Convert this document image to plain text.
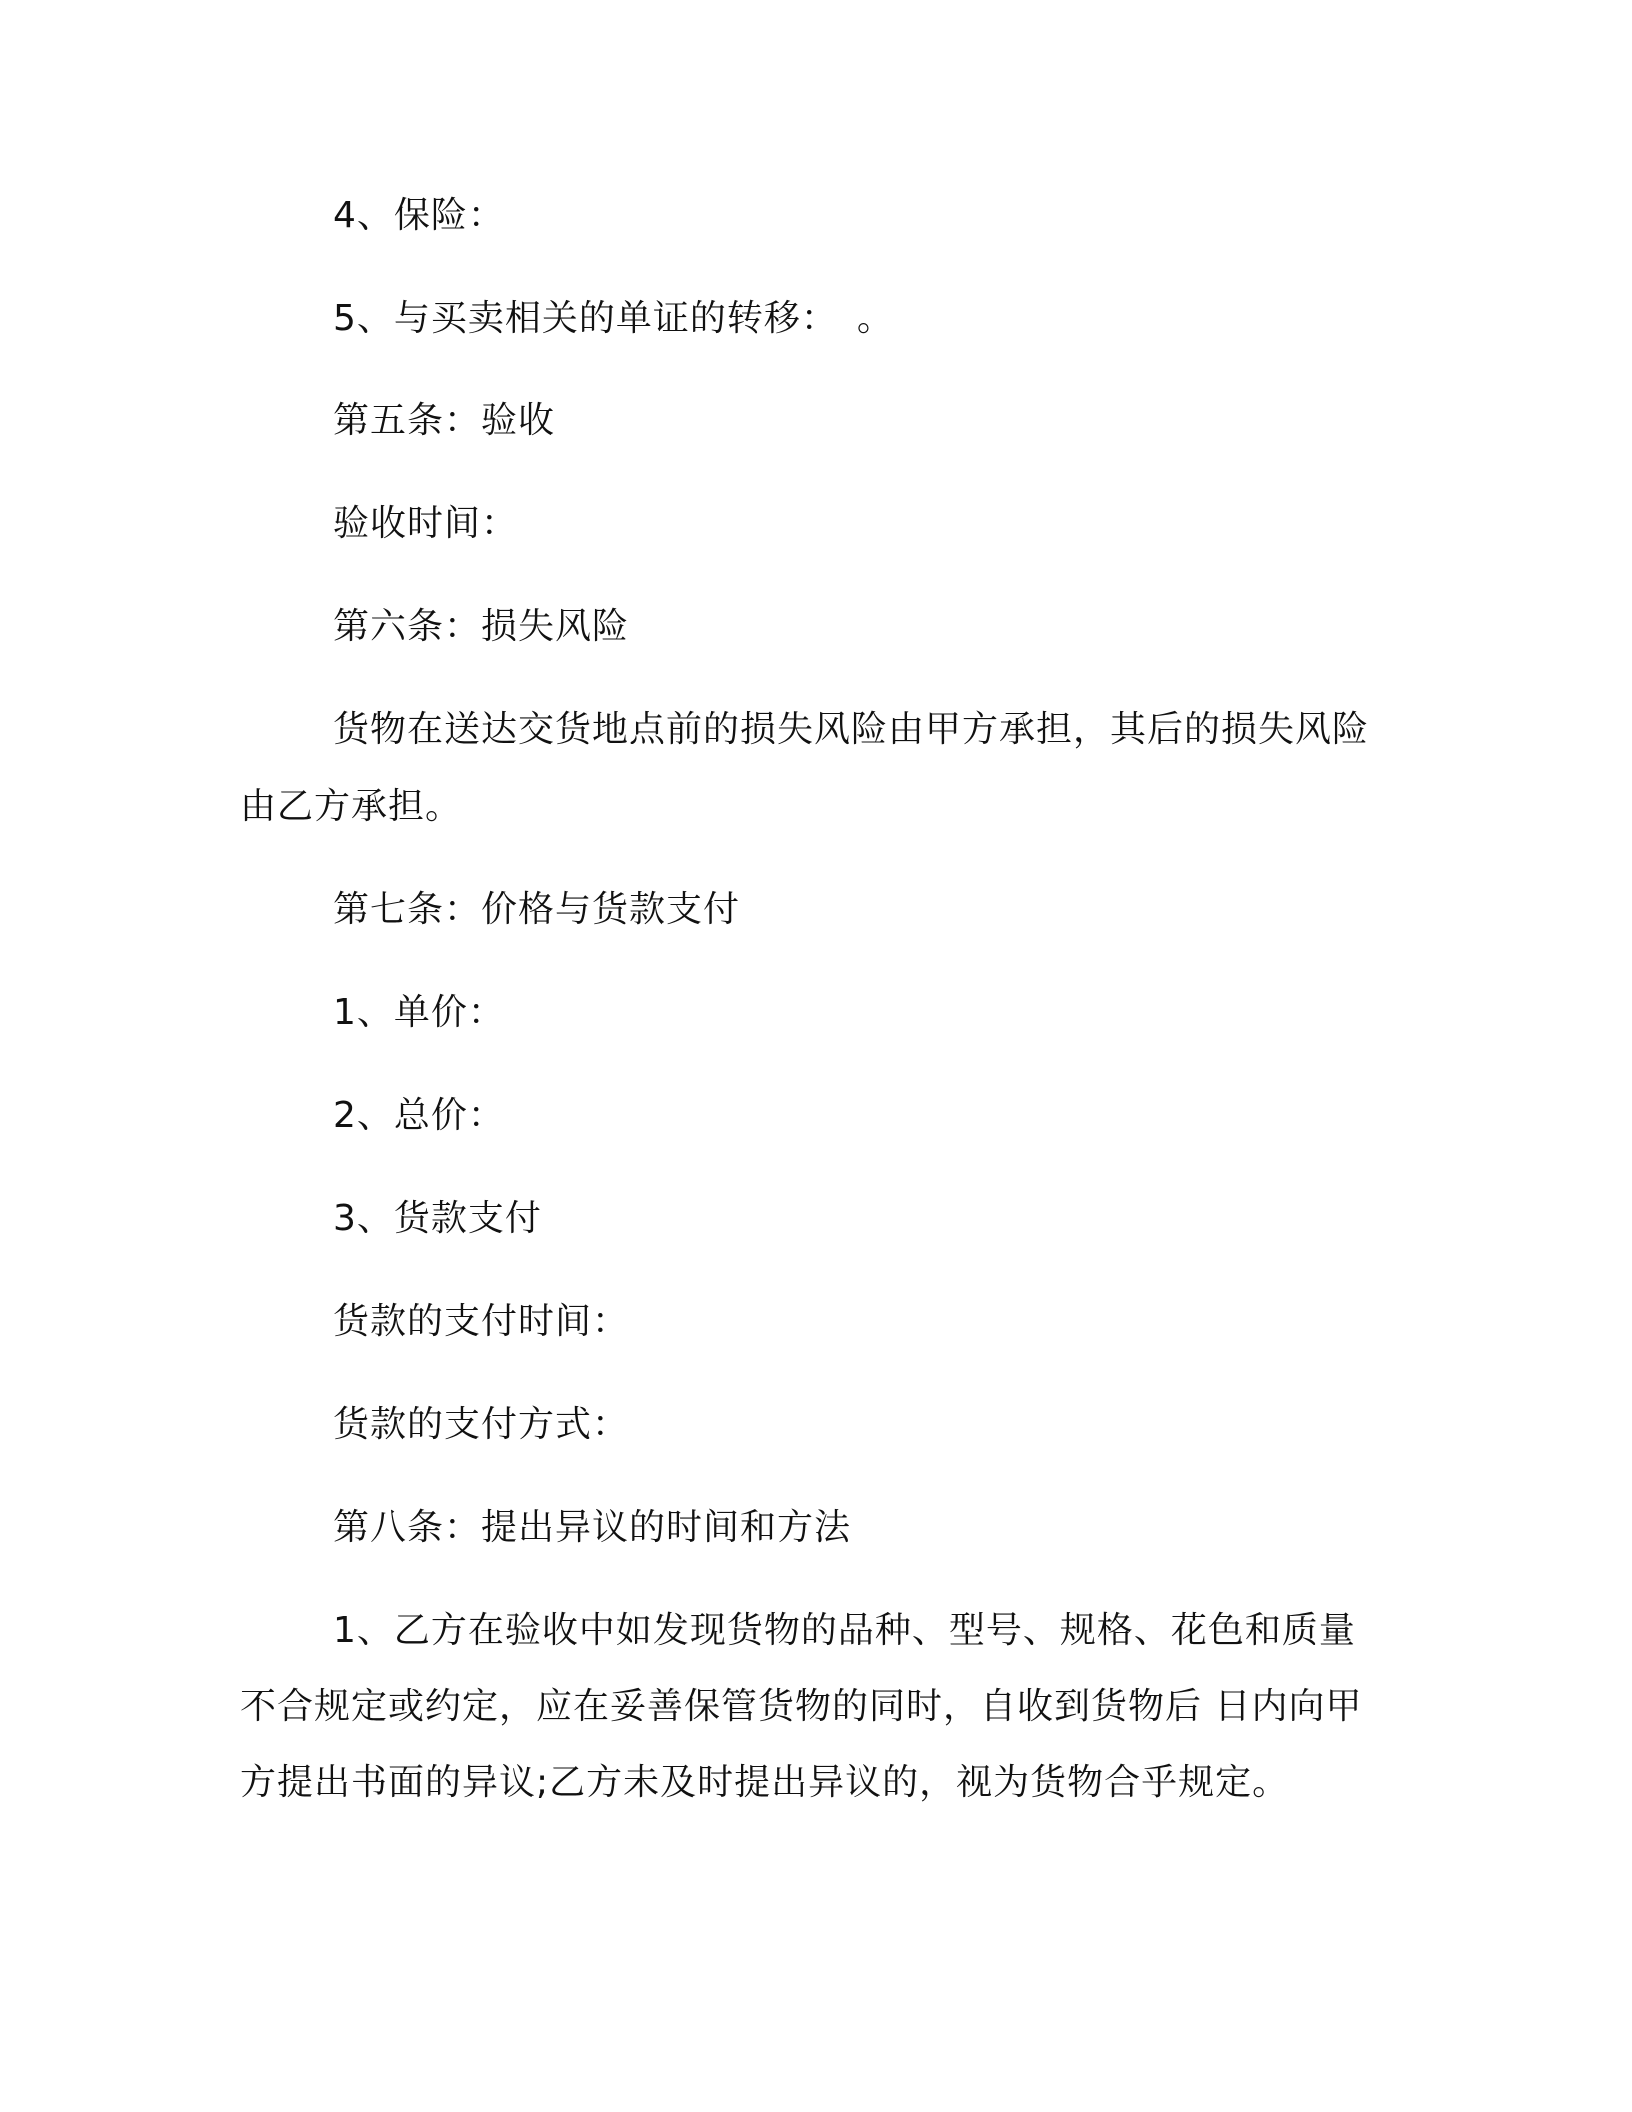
4、保险：
5、与买卖相关的单证的转移：　。
第五条：验收
验收时间：
第六条：损失风险
货物在送达交货地点前的损失风险由甲方承担，其后的损失风险
由乙方承担。
第七条：价格与货款支付
1、单价：
2、总价：
3、货款支付
货款的支付时间：
货款的支付方式：
第八条：提出异议的时间和方法
1、乙方在验收中如发现货物的品种、型号、规格、花色和质量
不合规定或约定，应在妥善保管货物的同时，自收到货物后 日内向甲
方提出书面的异议;乙方未及时提出异议的，视为货物合乎规定。
